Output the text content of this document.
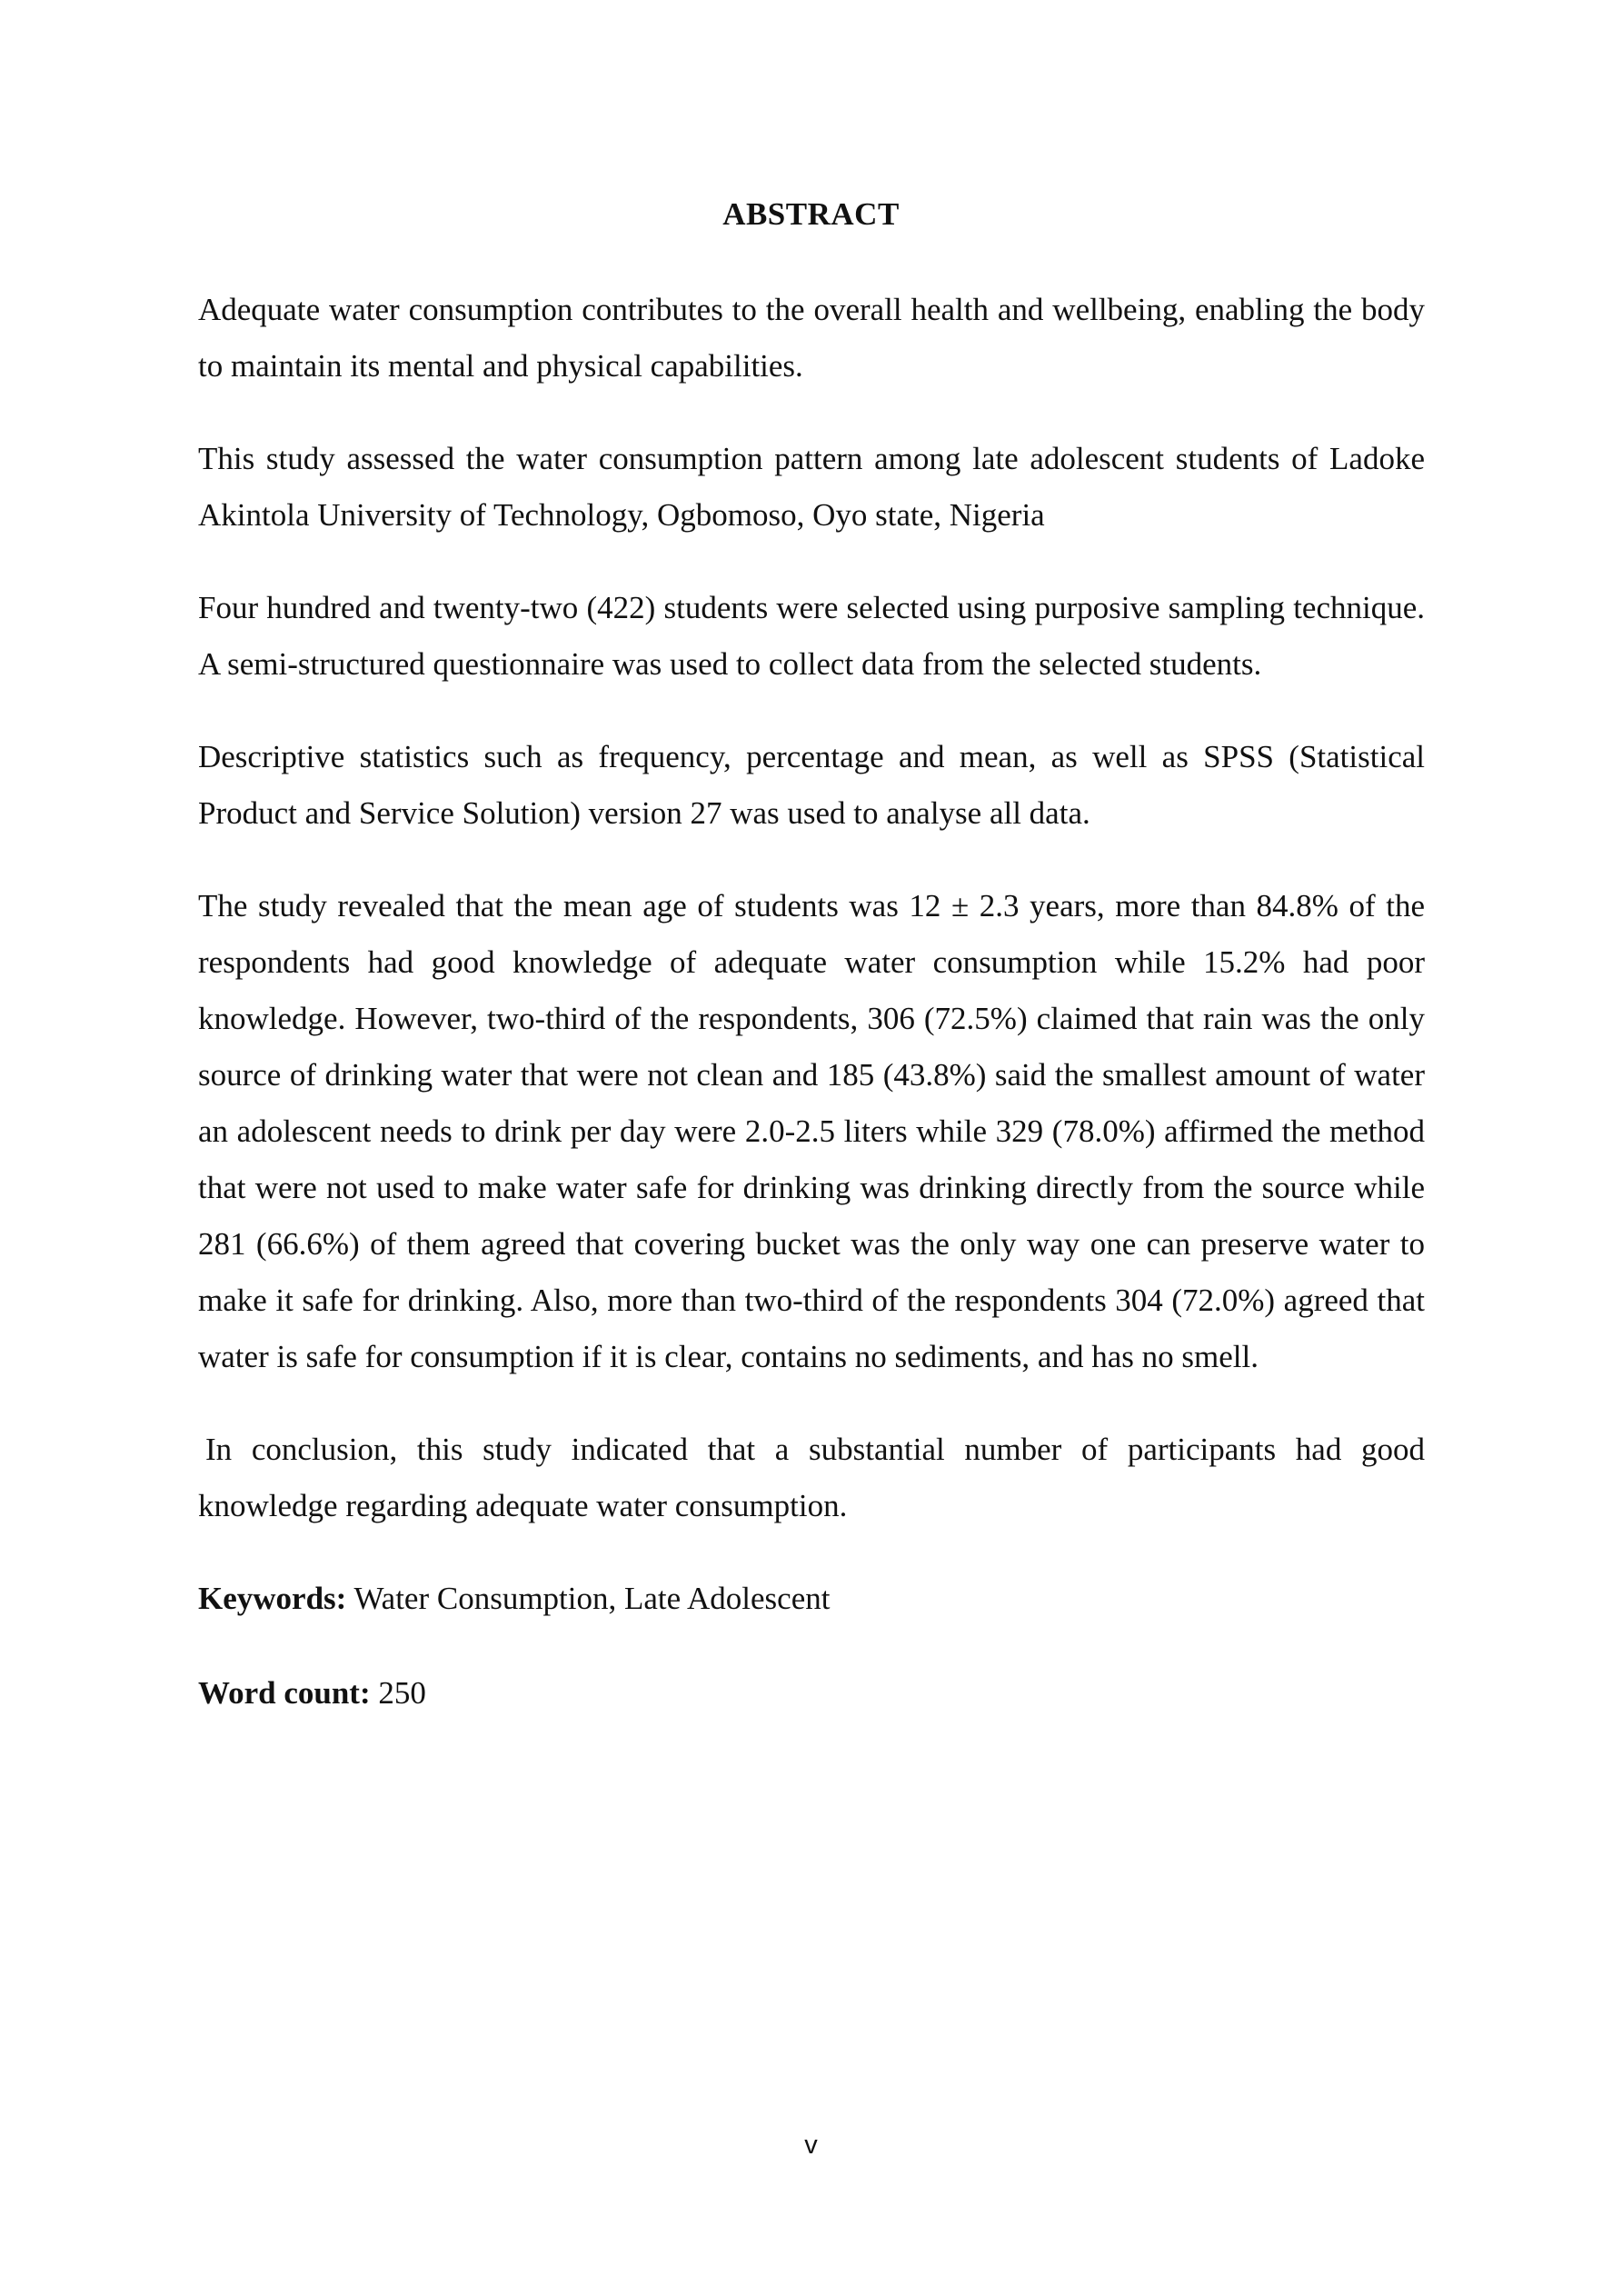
ABSTRACT

Adequate water consumption contributes to the overall health and wellbeing, enabling the body to maintain its mental and physical capabilities.

This study assessed the water consumption pattern among late adolescent students of Ladoke Akintola University of Technology, Ogbomoso, Oyo state, Nigeria

Four hundred and twenty-two (422) students were selected using purposive sampling technique. A semi-structured questionnaire was used to collect data from the selected students.

Descriptive statistics such as frequency, percentage and mean, as well as SPSS (Statistical Product and Service Solution) version 27 was used to analyse all data.

The study revealed that the mean age of students was 12 ± 2.3 years, more than 84.8% of the respondents had good knowledge of adequate water consumption while 15.2% had poor knowledge. However, two-third of the respondents, 306 (72.5%) claimed that rain was the only source of drinking water that were not clean and 185 (43.8%) said the smallest amount of water an adolescent needs to drink per day were 2.0-2.5 liters while 329 (78.0%) affirmed the method that were not used to make water safe for drinking was drinking directly from the source while 281 (66.6%) of them agreed that covering bucket was the only way one can preserve water to make it safe for drinking. Also, more than two-third of the respondents 304 (72.0%) agreed that water is safe for consumption if it is clear, contains no sediments, and has no smell.

In conclusion, this study indicated that a substantial number of participants had good knowledge regarding adequate water consumption.

Keywords: Water Consumption, Late Adolescent
Word count: 250
v
